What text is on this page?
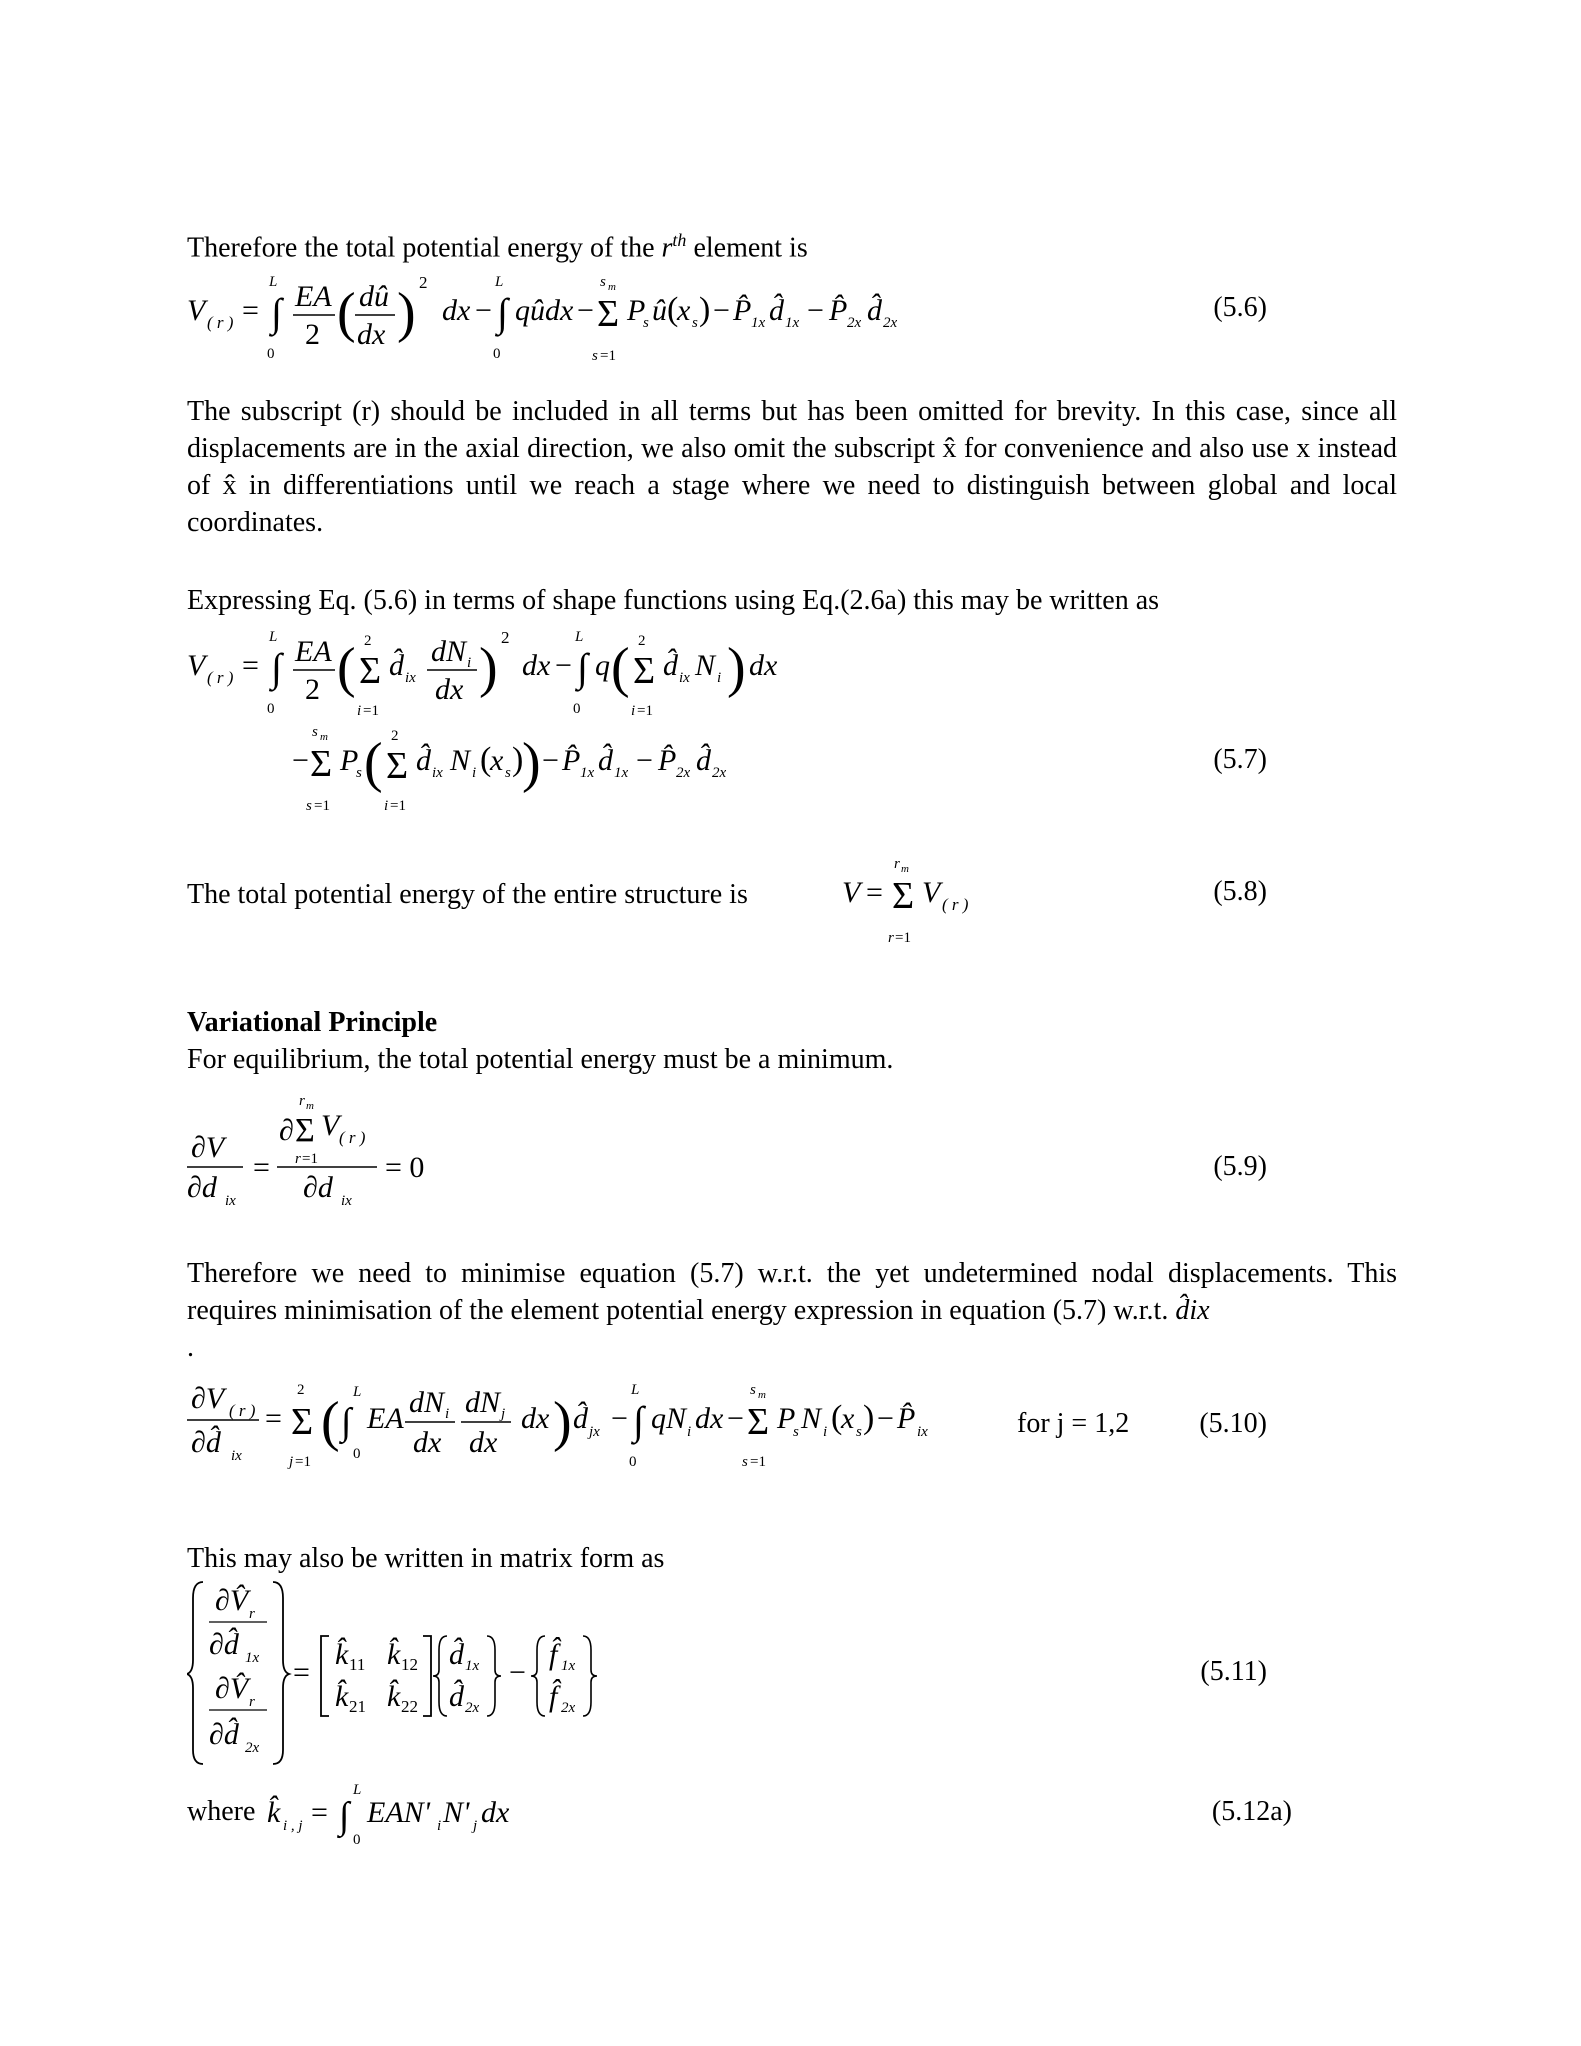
Therefore the total potential energy of the $r^{th}$ element is
V ( r ) = ∫
L
0
EA
2 ( dû
dx ) 2
dx − ∫
L
0
qûdx − Σ
s m
s =1
P
s û (
x s ) − P̂ 1x d̂ 1x − P̂ 2x d̂ 2x	(5.6)
The subscript (r) should be included in all terms but has been omitted for brevity. In this case, since all displacements are in the axial direction, we also omit the subscript x̂ for convenience and also use x instead of x̂ in differentiations until we reach a stage where we need to distinguish between global and local coordinates.
Expressing Eq. (5.6) in terms of shape functions using Eq.(2.6a) this may be written as
V ( r ) = ∫
L
0
EA
2 ( Σ
2
i =1
d̂ ix
dN i
dx ) 2
dx − ∫
L
0
q ( Σ
2
i =1
d̂ ix N i ) dx
− Σ
s m
s =1
P
s ( Σ
2
i =1
d̂ ix N i (
x s )
) − P̂ 1x d̂ 1x − P̂ 2x d̂ 2x	(5.7)
The total potential energy of the entire structure is	V = Σ
r m
r =1
V ( r )	(5.8)
Variational Principle
For equilibrium, the total potential energy must be a minimum.
∂V
∂d ix
=
∂ Σ
r m
r =1
V ( r )
∂d ix
= 0	(5.9)
Therefore we need to minimise equation (5.7) w.r.t. the yet undetermined nodal displacements. This requires minimisation of the element potential energy expression in equation (5.7) w.r.t. d̂ix
.
∂V ( r )
∂d̂ ix
= Σ
2
j =1
( ∫
L
0
EA dN i
dx
dN j
dx
dx ) d̂ jx − ∫
L
0
qN i dx − Σ
s m
s =1
P
s N i (
x s ) − P̂ ix	for j = 1,2	(5.10)
This may also be written in matrix form as
∂V̂ r
∂d̂ 1x
∂V̂ r
∂d̂ 2x
=
k̂ 11 k̂ 12
k̂ 21 k̂ 22
d̂ 1x
d̂ 2x
−
f̂ 1x
f̂ 2x
(5.11)
where k̂ i , j = ∫
L
0
EAN' i N' j dx	(5.12a)
